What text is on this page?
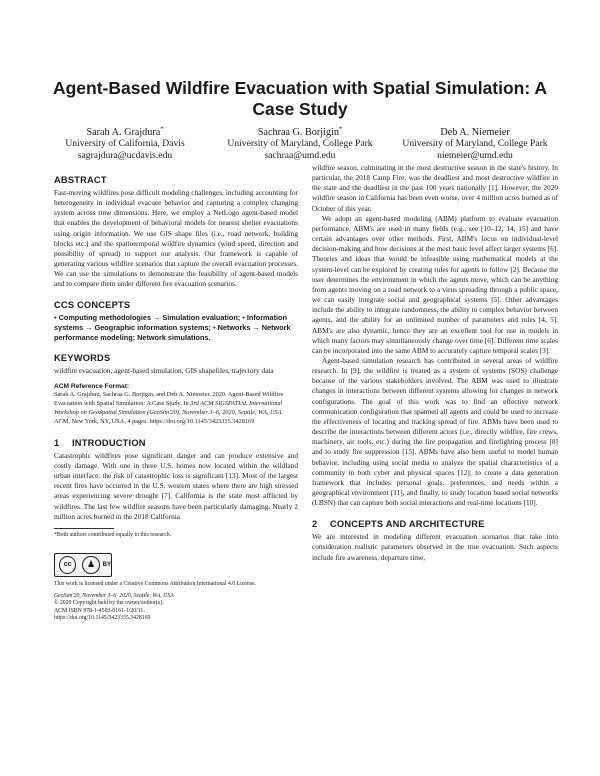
Agent-Based Wildfire Evacuation with Spatial Simulation: A Case Study
Sarah A. Grajdura*
University of California, Davis
sagrajdura@ucdavis.edu
Sachraa G. Borjigin*
University of Maryland, College Park
sachraa@umd.edu
Deb A. Niemeier
University of Maryland, College Park
niemeier@umd.edu
ABSTRACT

Fast-moving wildfires pose difficult modeling challenges, including accounting for heterogeneity in individual evacuee behavior and capturing a complex changing system across time dimensions. Here, we employ a NetLogo agent-based model that enables the development of behavioral models for nearest shelter evacuations using origin information. We use GIS shape files (i.e., road network, building blocks etc.) and the spatiotemporal wildfire dynamics (wind speed, direction and possibility of spread) to support our analysis. Our framework is capable of generating various wildfire scenarios that capture the overall evacuation processes. We can use the simulations to demonstrate the feasibility of agent-based models and to compare them under different fire evacuation scenarios.

CCS CONCEPTS

• Computing methodologies → Simulation evaluation; • Information systems → Geographic information systems; • Networks → Network performance modeling; Network simulations.

KEYWORDS

wildfire evacuation, agent-based simulation, GIS shapefiles, trajectory data

ACM Reference Format:

Sarah A. Grajdura, Sachraa G. Borjigin, and Deb A. Niemeier. 2020. Agent-Based Wildfire Evacuation with Spatial Simulation: A Case Study. In 3rd ACM SIGSPATIAL International Workshop on GeoSpatial Simulation (GeoSim'20), November 3–6, 2020, Seattle, WA, USA. ACM, New York, NY, USA, 4 pages. https://doi.org/10.1145/3423335.3428169

1 INTRODUCTION

Catastrophic wildfires pose significant danger and can produce extensive and costly damage. With one in three U.S. homes now located within the wildland urban interface, the risk of catastrophic loss is significant [13]. Most of the largest recent fires have occurred in the U.S. western states where there are high stressed areas experiencing severe drought [7]. California is the state most afflicted by wildfires. The last few wildfire seasons have been particularly damaging. Nearly 2 million acres burned in the 2018 California

*Both authors contributed equally to this research.

cc	♟	BY

This work is licensed under a Creative Commons Attribution International 4.0 License.

GeoSim'20, November 3–6, 2020, Seattle, WA, USA
© 2020 Copyright held by the owner/author(s).
ACM ISBN 978-1-4503-8161-1/20/11.
https://doi.org/10.1145/3423335.3428169

wildfire season, culminating in the most destructive season in the state's history. In particular, the 2018 Camp Fire, was the deadliest and most destructive wildfire in the state and the deadliest in the past 100 years nationally [1]. However, the 2020 wildfire season in California has been even worse, over 4 million acres burned as of October of this year.

We adopt an agent-based modeling (ABM) platform to evaluate evacuation performance. ABM's are used in many fields (e.g., see [10–12, 14, 15] and have certain advantages over other methods. First, ABM's focus on individual-level decision-making and how decisions at the most basic level affect larger systems [6]. Theories and ideas that would be infeasible using mathematical models at the system-level can be explored by creating rules for agents to follow [2]. Because the user determines the environment in which the agents move, which can be anything from agents moving on a road network to a virus spreading through a public space, we can easily integrate social and geographical systems [5]. Other advantages include the ability to integrate randomness, the ability to complex behavior between agents, and the ability for an unlimited number of parameters and rules [4, 5]. ABM's are also dynamic, hence they are an excellent tool for use in models in which many factors may simultaneously change over time [6]. Different time scales can be incorporated into the same ABM to accurately capture temporal scales [3].

Agent-based simulation research has contributed in several areas of wildfire research. In [9], the wildfire is treated as a system of systems (SOS) challenge because of the various stakeholders involved. The ABM was used to illustrate changes in interactions between different systems allowing for changes in network configurations. The goal of this work was to find an effective network communication configuration that spanned all agents and could be used to increase the effectiveness of locating and tracking spread of fire. ABMs have been used to describe the interactions between different actors (i.e., directly wildfire, fire crews, machinery, air tools, etc.) during the fire propagation and firefighting process [8] and to study fire suppression [15]. ABMs have also been useful to model human behavior, including using social media to analyze the spatial characteristics of a community in both cyber and physical spaces [12]; to create a data generation framework that includes personal goals, preferences, and needs within a geographical environment [11], and finally, to study location based social networks (LBSN) that can capture both social interactions and real-time locations [10].

2 CONCEPTS AND ARCHITECTURE

We are interested in modeling different evacuation scenarios that take into consideration realistic parameters observed in the true evacuation. Such aspects include fire awareness, departure time,
